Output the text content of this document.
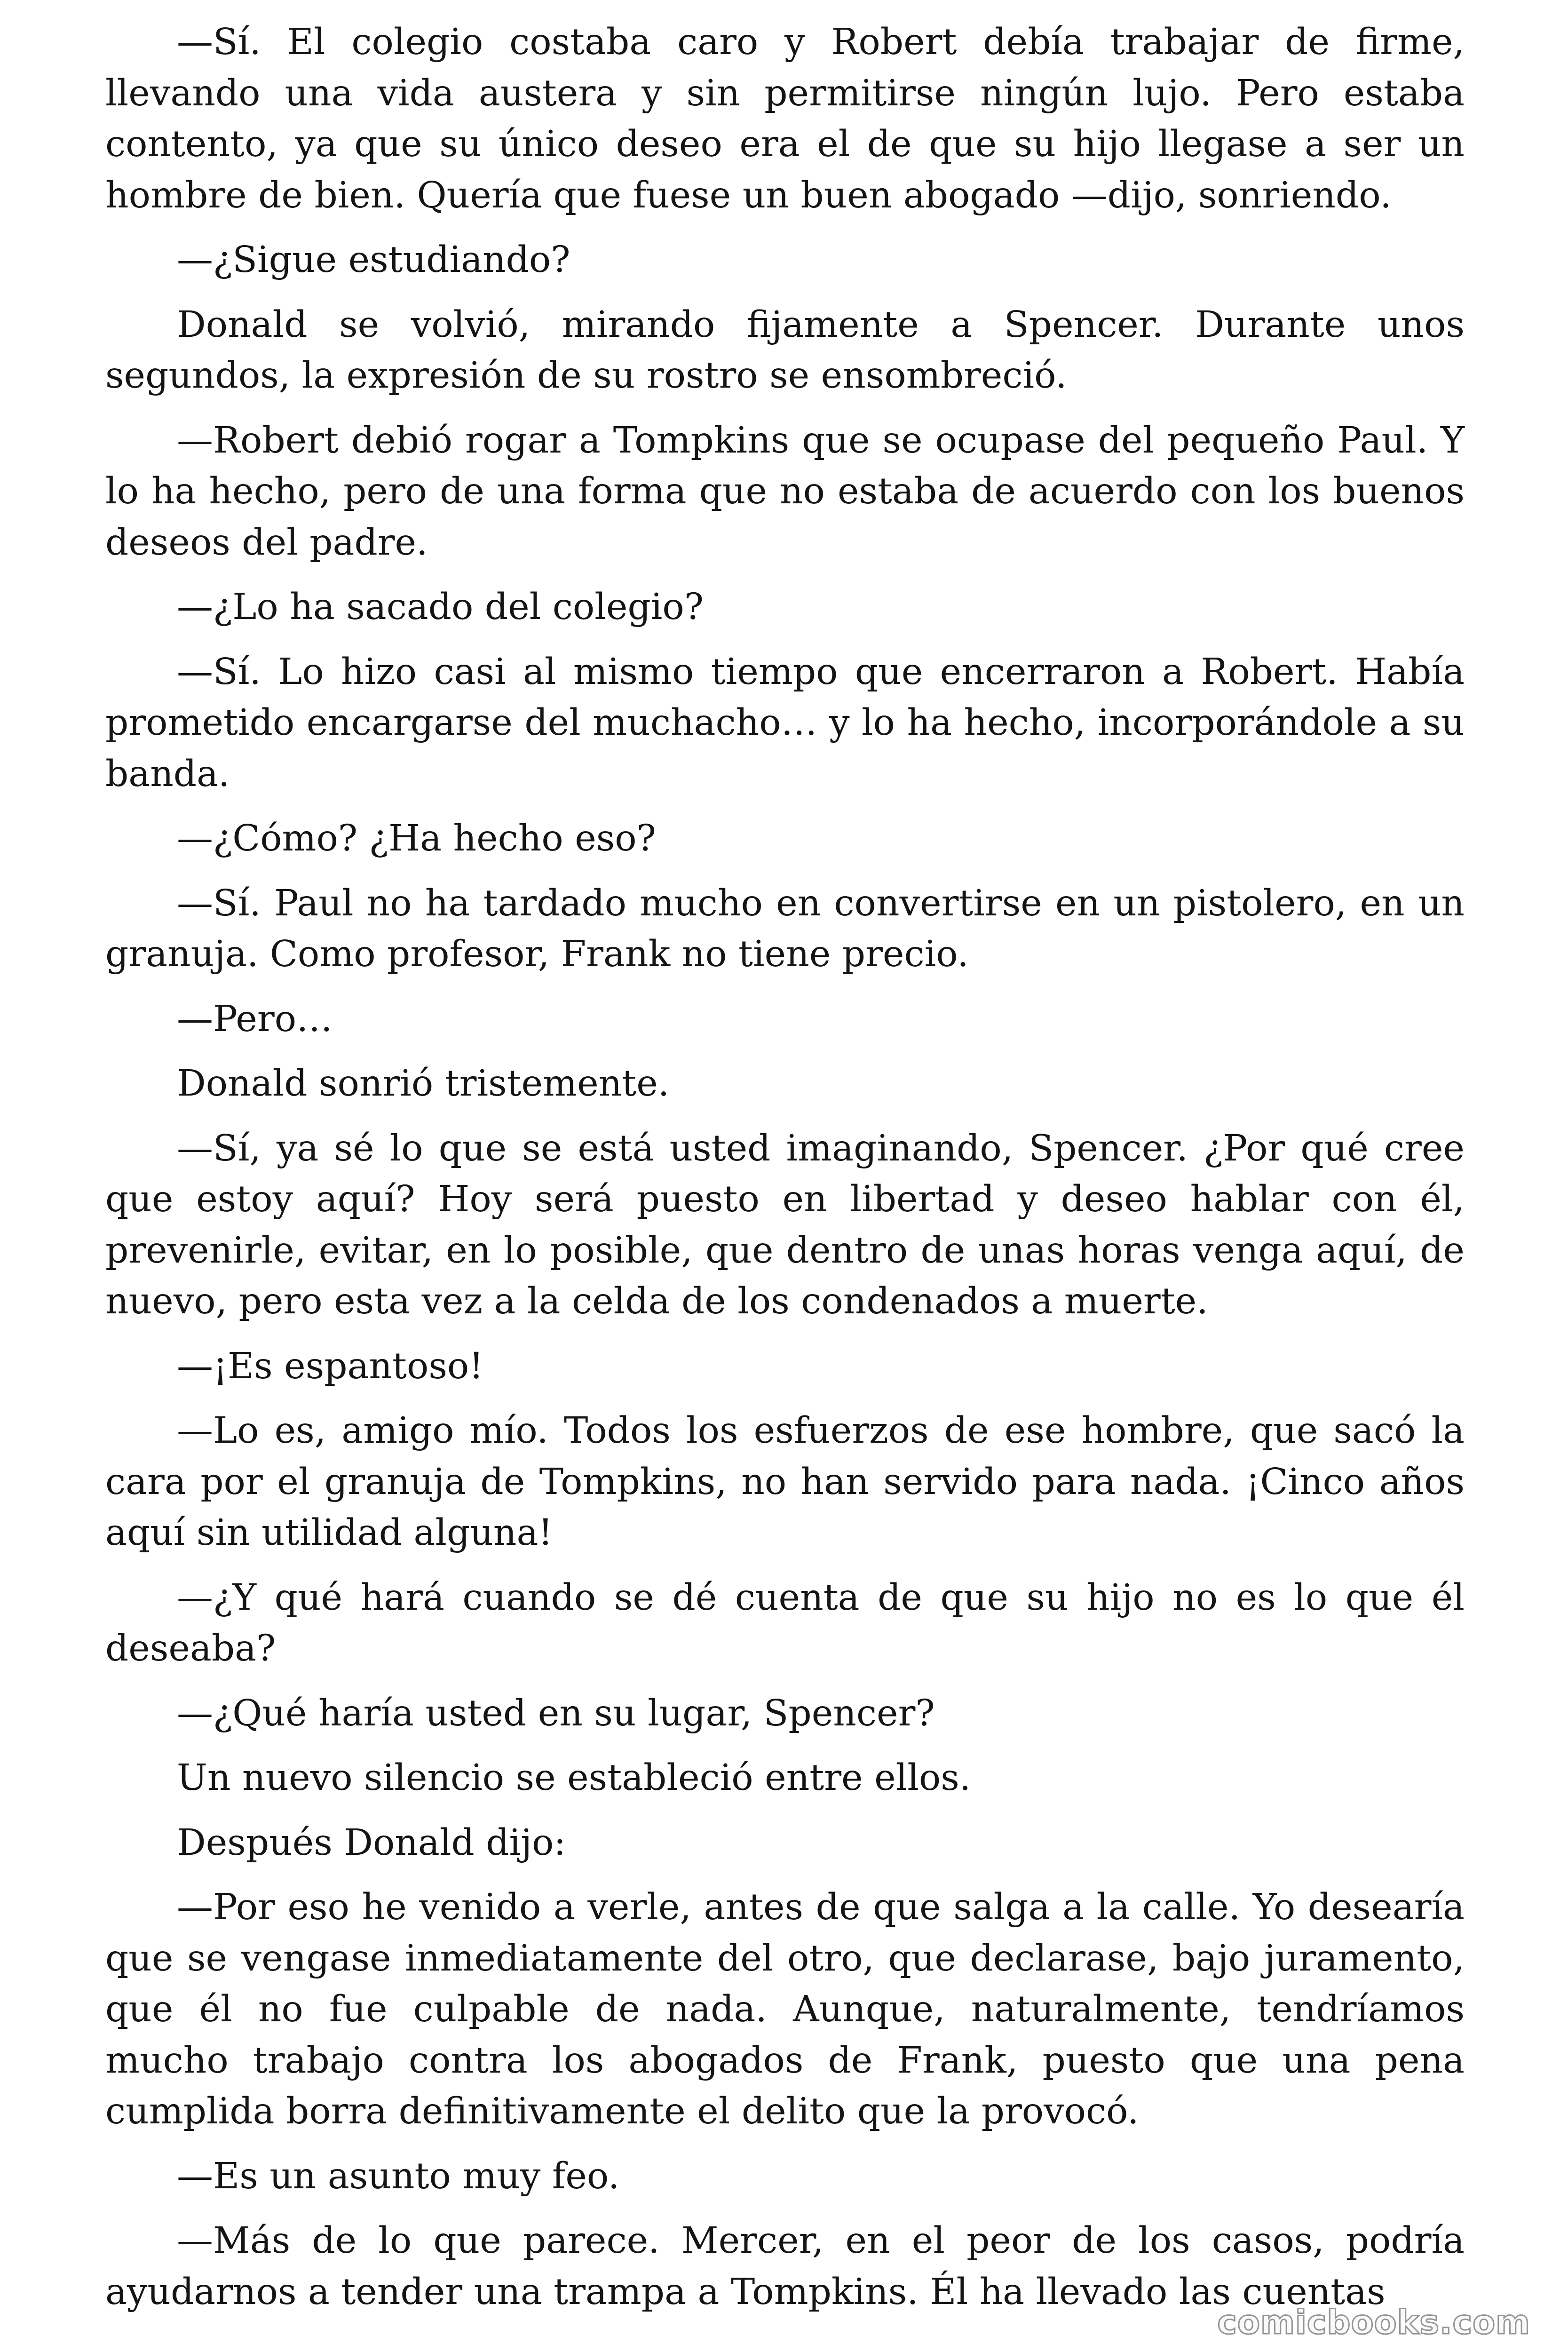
—Sí. El colegio costaba caro y Robert debía trabajar de firme, llevando una vida austera y sin permitirse ningún lujo. Pero estaba contento, ya que su único deseo era el de que su hijo llegase a ser un hombre de bien. Quería que fuese un buen abogado —dijo, sonriendo.

—¿Sigue estudiando?

Donald se volvió, mirando fijamente a Spencer. Durante unos segundos, la expresión de su rostro se ensombreció.

—Robert debió rogar a Tompkins que se ocupase del pequeño Paul. Y lo ha hecho, pero de una forma que no estaba de acuerdo con los buenos deseos del padre.

—¿Lo ha sacado del colegio?

—Sí. Lo hizo casi al mismo tiempo que encerraron a Robert. Había prometido encargarse del muchacho… y lo ha hecho, incorporándole a su banda.

—¿Cómo? ¿Ha hecho eso?

—Sí. Paul no ha tardado mucho en convertirse en un pistolero, en un granuja. Como profesor, Frank no tiene precio.

—Pero…

Donald sonrió tristemente.

—Sí, ya sé lo que se está usted imaginando, Spencer. ¿Por qué cree que estoy aquí? Hoy será puesto en libertad y deseo hablar con él, prevenirle, evitar, en lo posible, que dentro de unas horas venga aquí, de nuevo, pero esta vez a la celda de los condenados a muerte.

—¡Es espantoso!

—Lo es, amigo mío. Todos los esfuerzos de ese hombre, que sacó la cara por el granuja de Tompkins, no han servido para nada. ¡Cinco años aquí sin utilidad alguna!

—¿Y qué hará cuando se dé cuenta de que su hijo no es lo que él deseaba?

—¿Qué haría usted en su lugar, Spencer?

Un nuevo silencio se estableció entre ellos.

Después Donald dijo:

—Por eso he venido a verle, antes de que salga a la calle. Yo desearía que se vengase inmediatamente del otro, que declarase, bajo juramento, que él no fue culpable de nada. Aunque, naturalmente, tendríamos mucho trabajo contra los abogados de Frank, puesto que una pena cumplida borra definitivamente el delito que la provocó.

—Es un asunto muy feo.

—Más de lo que parece. Mercer, en el peor de los casos, podría ayudarnos a tender una trampa a Tompkins. Él ha llevado las cuentas

comicbooks.com
